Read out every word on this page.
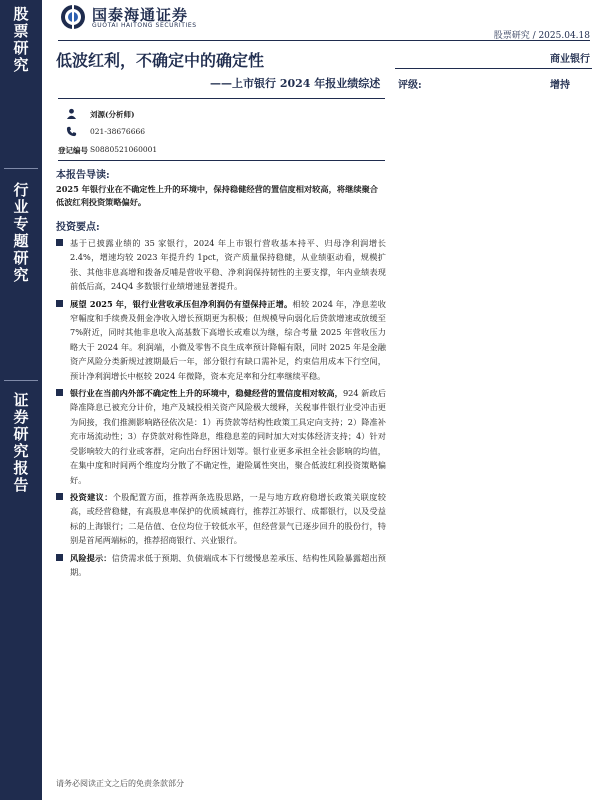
股
票
研
究
行
业
专
题
研
究
证
券
研
究
报
告
国泰海通证券
GUOTAI HAITONG SECURITIES
股票研究 / 2025.04.18
低波红利，不确定中的确定性
——上市银行 2024 年报业绩综述
商业银行
评级:	增持
刘源(分析师)
021-38676666
登记编号 S0880521060001
本报告导读:
2025 年银行业在不确定性上升的环境中，保持稳健经营的置信度相对较高，将继续聚合低波红利投资策略偏好。
投资要点:
基于已披露业绩的 35 家银行，2024 年上市银行营收基本持平、归母净利润增长 2.4%，增速均较 2023 年提升约 1pct，资产质量保持稳健，从业绩驱动看，规模扩张、其他非息高增和拨备反哺是营收平稳、净利润保持韧性的主要支撑，年内业绩表现前低后高，24Q4 多数银行业绩增速显著提升。
展望 2025 年，银行业营收承压但净利润仍有望保持正增。相较 2024 年，净息差收窄幅度和手续费及佣金净收入增长预期更为积极；但规模导向弱化后贷款增速或放缓至 7%附近，同时其他非息收入高基数下高增长或难以为继，综合考量 2025 年营收压力略大于 2024 年。利润端，小微及零售不良生成率预计降幅有限，同时 2025 年是金融资产风险分类新规过渡期最后一年，部分银行有缺口需补足，约束信用成本下行空间，预计净利润增长中枢较 2024 年微降，资本充足率和分红率继续平稳。
银行业在当前内外部不确定性上升的环境中，稳健经营的置信度相对较高，924 新政后降准降息已被充分计价，地产及城投相关资产风险极大缓释，关税事件银行业受冲击更为间接，我们推测影响路径依次是：1）再贷款等结构性政策工具定向支持；2）降准补充市场流动性；3）存贷款对称性降息，维稳息差的同时加大对实体经济支持；4）针对受影响较大的行业或客群，定向出台纾困计划等。银行业更多承担全社会影响的均值，在集中度和时间两个维度均分散了不确定性，避险属性突出，聚合低波红利投资策略偏好。
投资建议：个股配置方面，推荐两条选股思路，一是与地方政府稳增长政策关联度较高，或经营稳健，有高股息率保护的优质城商行，推荐江苏银行、成都银行，以及受益标的上海银行；二是估值、仓位均位于较低水平，但经营景气已逐步回升的股份行，特别是首尾两端标的，推荐招商银行、兴业银行。
风险提示：信贷需求低于预期、负债端成本下行缓慢息差承压、结构性风险暴露超出预期。
请务必阅读正文之后的免责条款部分
